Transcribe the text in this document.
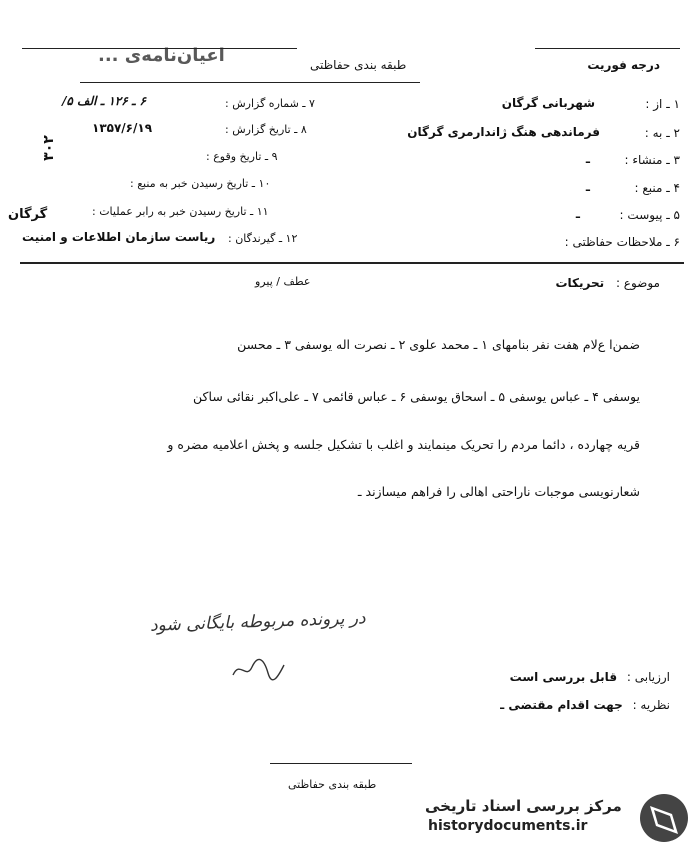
درجه فوریت
طبقه بندی حفاظتی
اعیان‌نامه‌ی ‌...
۱ ـ از :
شهربانی گرگان
۲ ـ به :
فرماندهی هنگ ژاندارمری گرگان
۳ ـ منشاء :
ـ
۴ ـ منبع :
ـ
۵ ـ پیوست :
ـ
۶ ـ ملاحظات حفاظتی :
۷ ـ شماره گزارش :
۶ ـ ۱۲۶ ـ الف ۵/
۸ ـ تاریخ گزارش :
۱۳۵۷/۶/۱۹
۹ ـ تاریخ وقوع :
۱۰ ـ تاریخ رسیدن خبر به منبع :
۱۱ ـ تاریخ رسیدن خبر به رابر عملیات :
۱۲ ـ گیرندگان :
ریاست سازمان اطلاعات و امنیت
۳۰۲
گرگان
عطف / پیرو	موضوع : تحریکات
ضمن‌ا ع‌لام هفت نفر بنامهای ۱ ـ محمد علوی ۲ ـ نصرت اله یوسفی ۳ ـ محسن
یوسفی ۴ ـ عباس یوسفی ۵ ـ اسحاق یوسفی ۶ ـ عباس قائمی ۷ ـ علی‌اکبر نقائی‌ ساکن
قریه چهارده ، دائما مردم را تحریک مینمایند و اغلب با تشکیل جلسه و پخش اعلامیه مضره و
شعارنویسی موجبات ناراحتی اهالی را فراهم میسازند ـ
در پرونده مربوطه بایگانی شود
ارزیابی : قابل بررسی است
نظریه : جهت اقدام مقتضی ـ
طبقه بندی حفاظتی
مرکز بررسی اسناد تاریخی
historydocuments.ir
